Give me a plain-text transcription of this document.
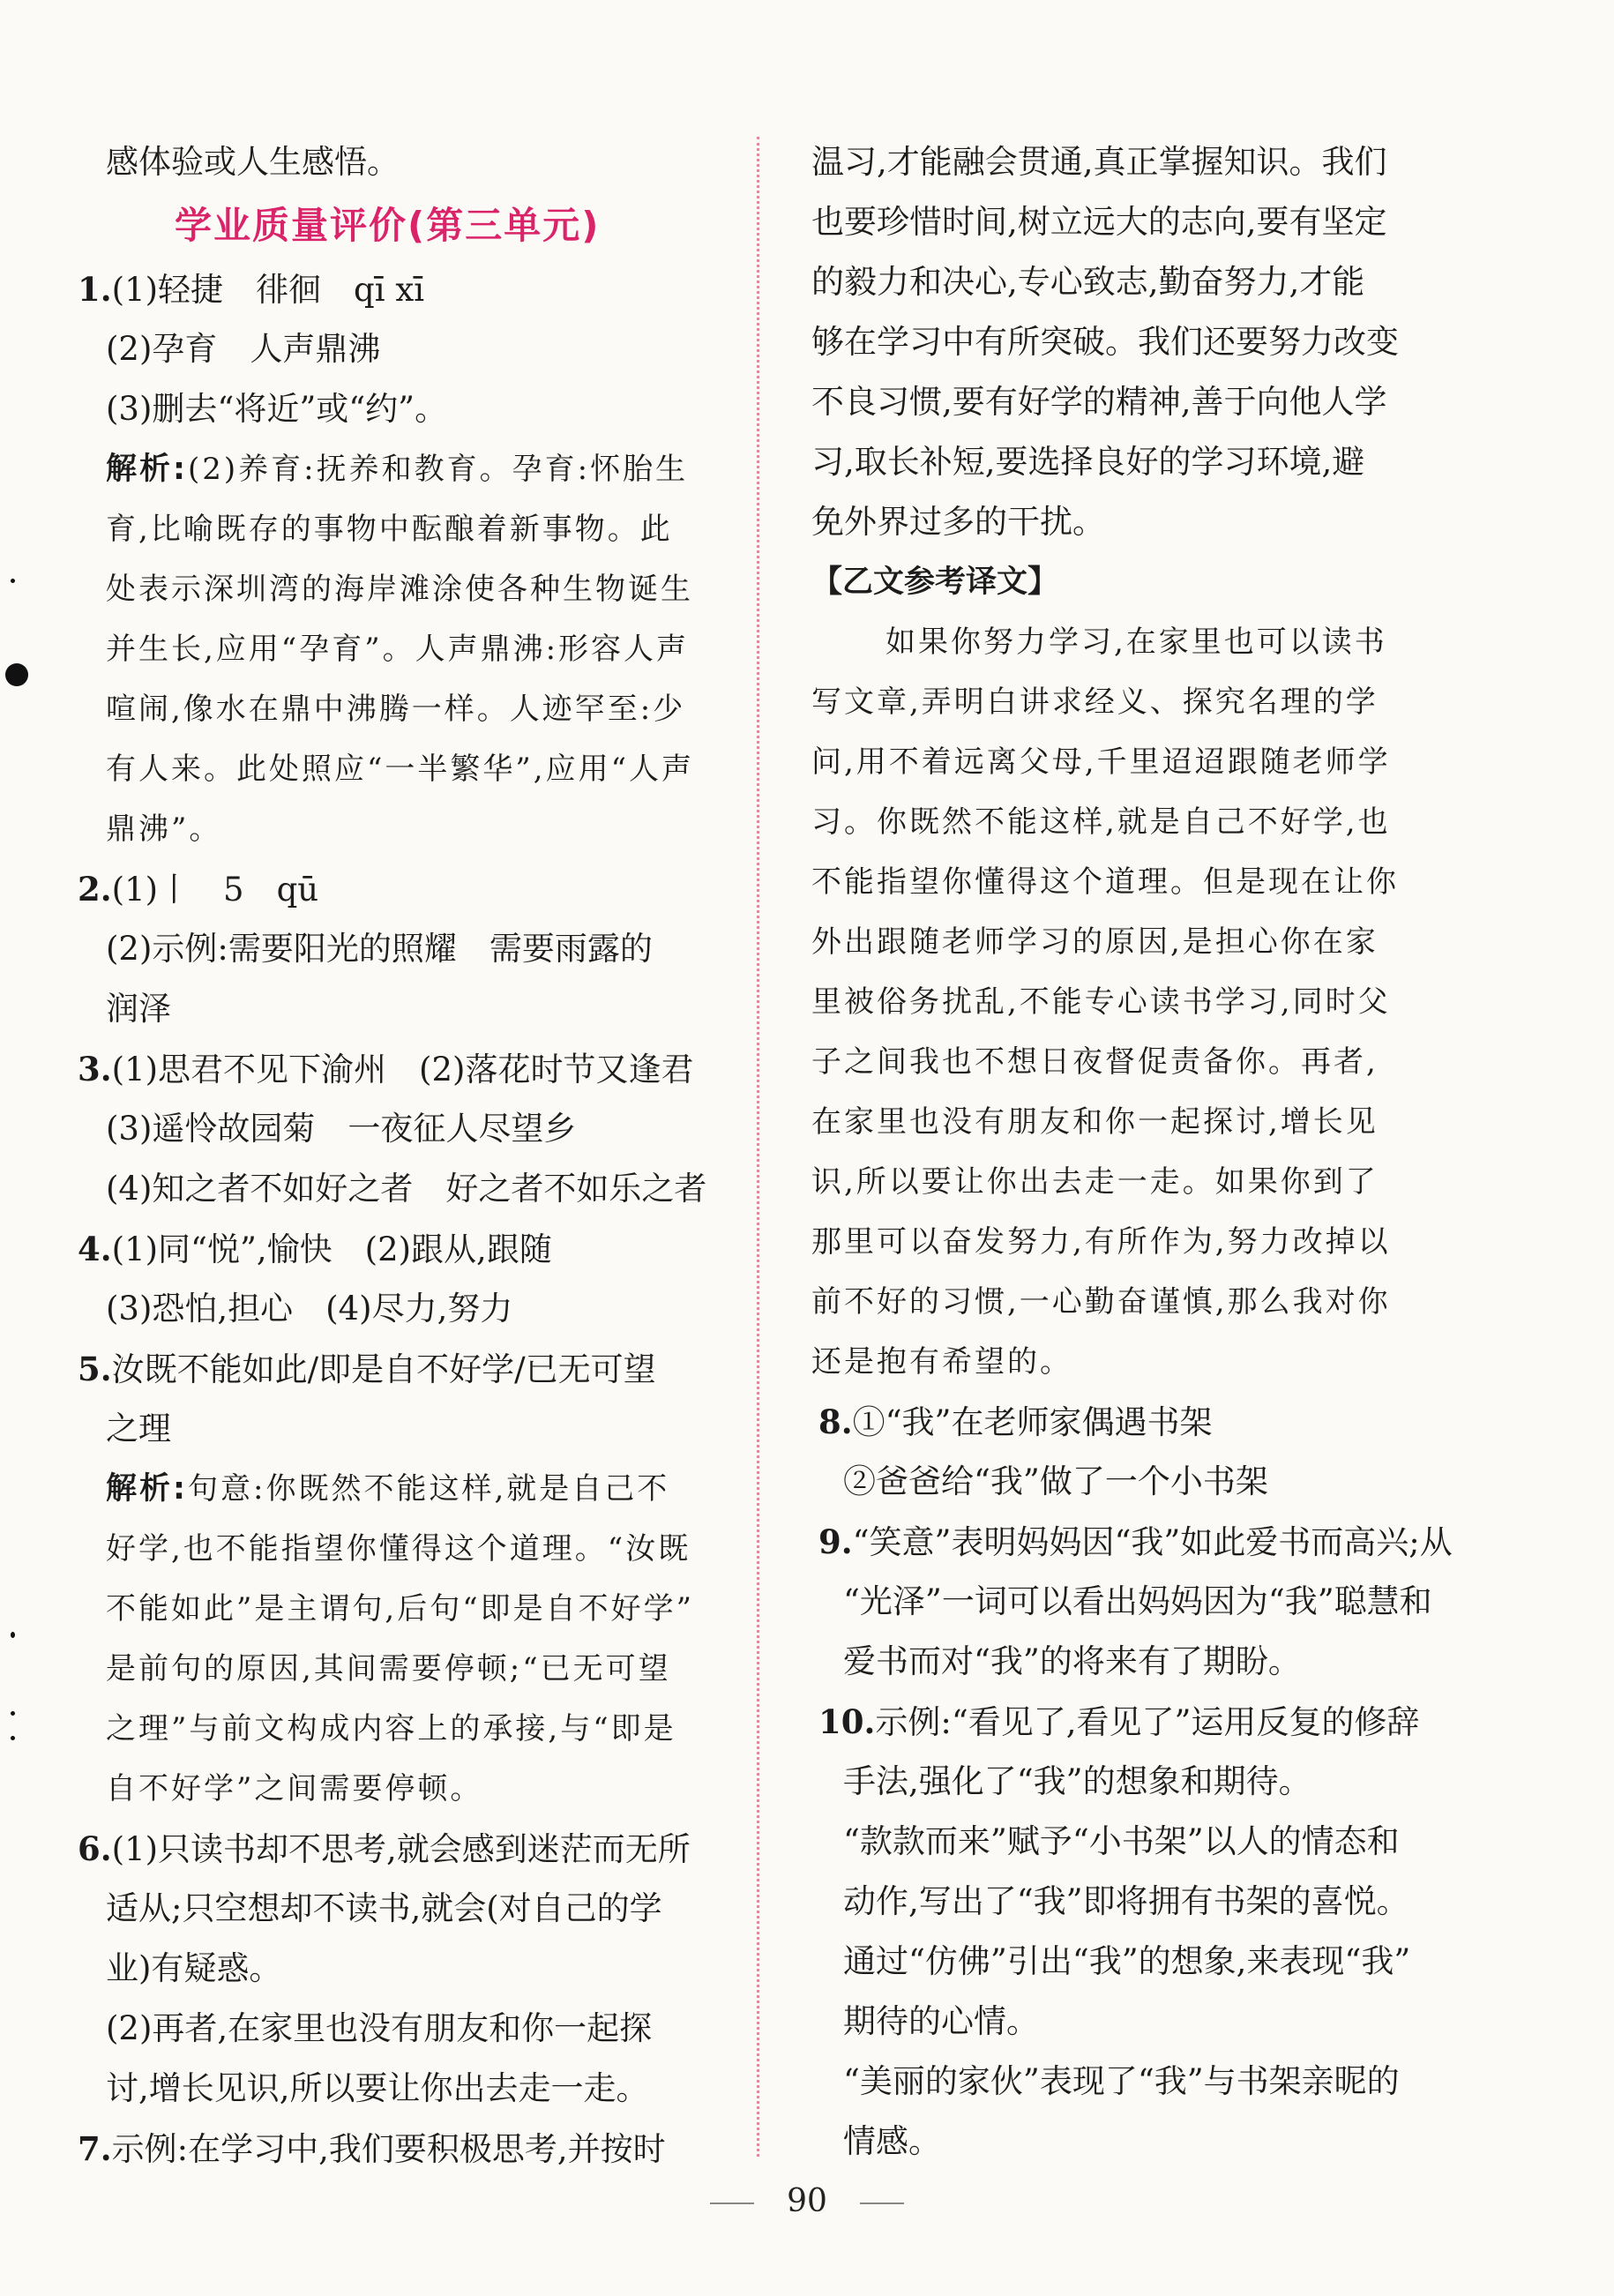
感体验或人生感悟。
学业质量评价(第三单元)
1.(1)轻捷　徘徊　qī xī
(2)孕育　人声鼎沸
(3)删去“将近”或“约”。
解析:(2)养育:抚养和教育。孕育:怀胎生
育,比喻既存的事物中酝酿着新事物。此
处表示深圳湾的海岸滩涂使各种生物诞生
并生长,应用“孕育”。人声鼎沸:形容人声
喧闹,像水在鼎中沸腾一样。人迹罕至:少
有人来。此处照应“一半繁华”,应用“人声
鼎沸”。
2.(1)丨　5　qū
(2)示例:需要阳光的照耀　需要雨露的
润泽
3.(1)思君不见下渝州　(2)落花时节又逢君
(3)遥怜故园菊　一夜征人尽望乡
(4)知之者不如好之者　好之者不如乐之者
4.(1)同“悦”,愉快　(2)跟从,跟随
(3)恐怕,担心　(4)尽力,努力
5.汝既不能如此/即是自不好学/已无可望
之理
解析:句意:你既然不能这样,就是自己不
好学,也不能指望你懂得这个道理。“汝既
不能如此”是主谓句,后句“即是自不好学”
是前句的原因,其间需要停顿;“已无可望
之理”与前文构成内容上的承接,与“即是
自不好学”之间需要停顿。
6.(1)只读书却不思考,就会感到迷茫而无所
适从;只空想却不读书,就会(对自己的学
业)有疑惑。
(2)再者,在家里也没有朋友和你一起探
讨,增长见识,所以要让你出去走一走。
7.示例:在学习中,我们要积极思考,并按时
温习,才能融会贯通,真正掌握知识。我们
也要珍惜时间,树立远大的志向,要有坚定
的毅力和决心,专心致志,勤奋努力,才能
够在学习中有所突破。我们还要努力改变
不良习惯,要有好学的精神,善于向他人学
习,取长补短,要选择良好的学习环境,避
免外界过多的干扰。
【乙文参考译文】
如果你努力学习,在家里也可以读书
写文章,弄明白讲求经义、探究名理的学
问,用不着远离父母,千里迢迢跟随老师学
习。你既然不能这样,就是自己不好学,也
不能指望你懂得这个道理。但是现在让你
外出跟随老师学习的原因,是担心你在家
里被俗务扰乱,不能专心读书学习,同时父
子之间我也不想日夜督促责备你。再者,
在家里也没有朋友和你一起探讨,增长见
识,所以要让你出去走一走。如果你到了
那里可以奋发努力,有所作为,努力改掉以
前不好的习惯,一心勤奋谨慎,那么我对你
还是抱有希望的。
8.①“我”在老师家偶遇书架
②爸爸给“我”做了一个小书架
9.“笑意”表明妈妈因“我”如此爱书而高兴;从
“光泽”一词可以看出妈妈因为“我”聪慧和
爱书而对“我”的将来有了期盼。
10.示例:“看见了,看见了”运用反复的修辞
手法,强化了“我”的想象和期待。
“款款而来”赋予“小书架”以人的情态和
动作,写出了“我”即将拥有书架的喜悦。
通过“仿佛”引出“我”的想象,来表现“我”
期待的心情。
“美丽的家伙”表现了“我”与书架亲昵的
情感。
90
